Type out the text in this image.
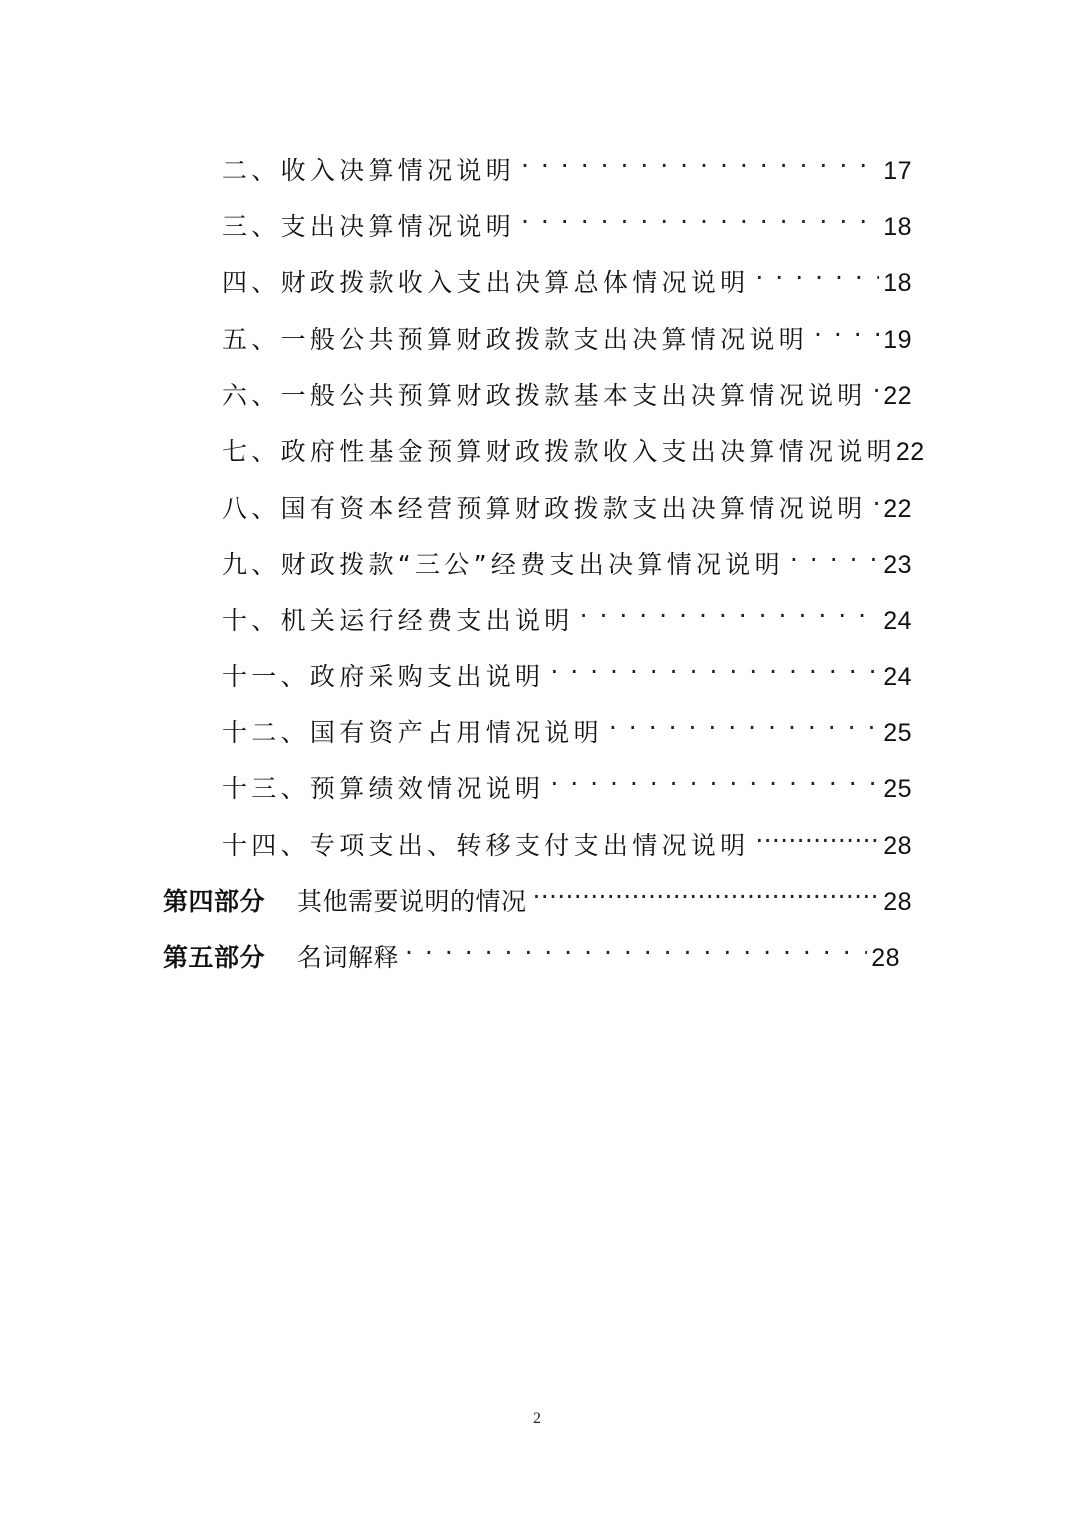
二、收入决算情况说明 . . .	17
三、支出决算情况说明 . . .	18
四、财政拨款收入支出决算总体情况说明 . . .	18
五、一般公共预算财政拨款支出决算情况说明 . . .	19
六、一般公共预算财政拨款基本支出决算情况说明 . . . 22
七、政府性基金预算财政拨款收入支出决算情况说明 22
八、国有资本经营预算财政拨款支出决算情况说明 . . . 22
九、财政拨款“三公”经费支出决算情况说明 . . .	23
十、机关运行经费支出说明 . . .	24
十一、政府采购支出说明 . . .	24
十二、国有资产占用情况说明 . . .	25
十三、预算绩效情况说明 . . .	25
十四、专项支出、转移支付支出情况说明 .....	28
第四部分 其他需要说明的情况 .....	28
第五部分 名词解释 . . .	28
2
